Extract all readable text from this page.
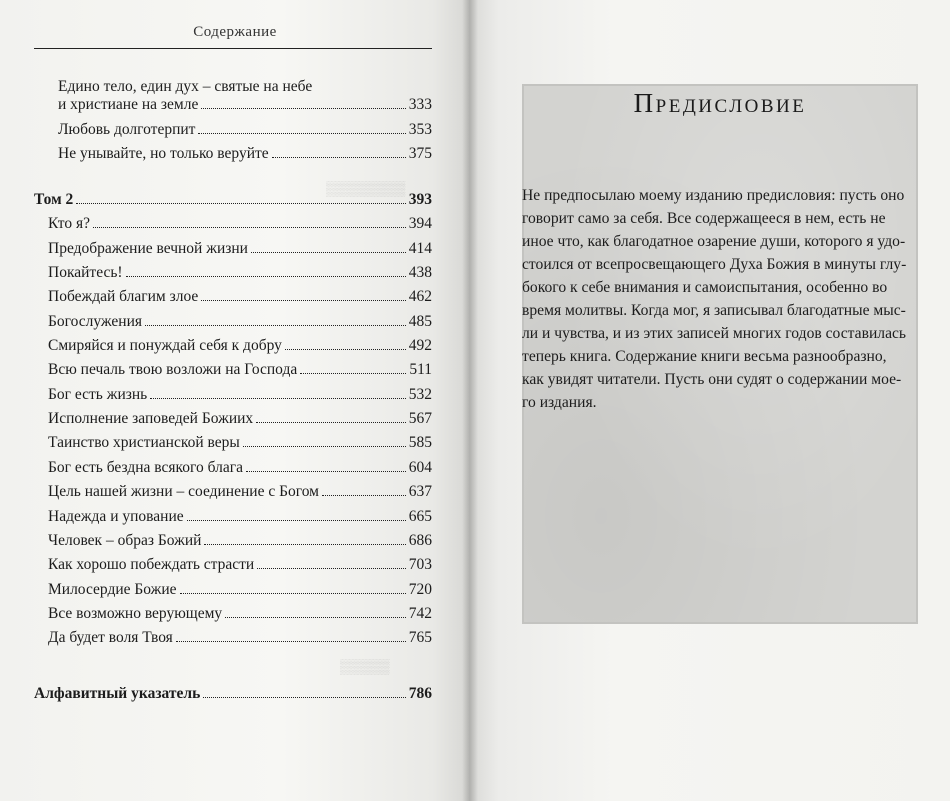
Содержание
▒▒▒▒▒▒▒▒
▒▒▒▒▒
Едино тело, един дух – святые на небе
и христиане на земле	333
Любовь долготерпит	353
Не унывайте, но только веруйте	375
Том 2	393
Кто я?	394
Предображение вечной жизни	414
Покайтесь!	438
Побеждай благим злое	462
Богослужения	485
Смиряйся и понуждай себя к добру	492
Всю печаль твою возложи на Господа	511
Бог есть жизнь	532
Исполнение заповедей Божиих	567
Таинство христианской веры	585
Бог есть бездна всякого блага	604
Цель нашей жизни – соединение с Богом	637
Надежда и упование	665
Человек – образ Божий	686
Как хорошо побеждать страсти	703
Милосердие Божие	720
Все возможно верующему	742
Да будет воля Твоя	765
Алфавитный указатель	786
Предисловие
Не предпосылаю моему изданию предисловия: пусть оно
говорит само за себя. Все содержащееся в нем, есть не
иное что, как благодатное озарение души, которого я удо-
стоился от всепросвещающего Духа Божия в минуты глу-
бокого к себе внимания и самоиспытания, особенно во
время молитвы. Когда мог, я записывал благодатные мыс-
ли и чувства, и из этих записей многих годов составилась
теперь книга. Содержание книги весьма разнообразно,
как увидят читатели. Пусть они судят о содержании мое-
го издания.
